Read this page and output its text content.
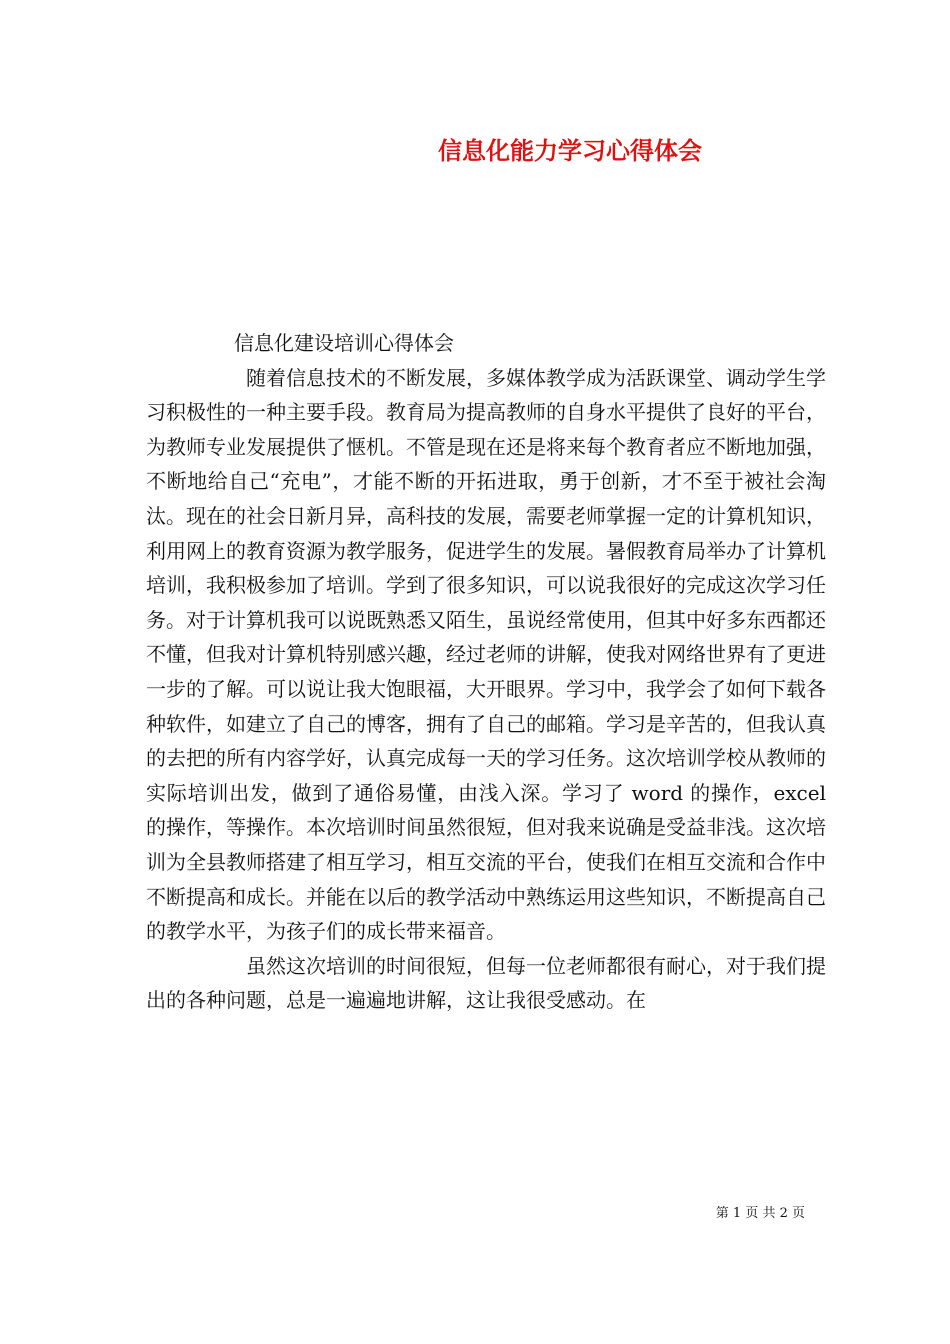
信息化能力学习心得体会

信息化建设培训心得体会

随着信息技术的不断发展，多媒体教学成为活跃课堂、调动学生学习积极性的一种主要手段。教育局为提高教师的自身水平提供了良好的平台，为教师专业发展提供了惬机。不管是现在还是将来每个教育者应不断地加强，不断地给自己“充电”，才能不断的开拓进取，勇于创新，才不至于被社会淘汰。现在的社会日新月异，高科技的发展，需要老师掌握一定的计算机知识，利用网上的教育资源为教学服务，促进学生的发展。暑假教育局举办了计算机培训，我积极参加了培训。学到了很多知识，可以说我很好的完成这次学习任务。对于计算机我可以说既熟悉又陌生，虽说经常使用，但其中好多东西都还不懂，但我对计算机特别感兴趣，经过老师的讲解，使我对网络世界有了更进一步的了解。可以说让我大饱眼福，大开眼界。学习中，我学会了如何下载各种软件，如建立了自己的博客，拥有了自己的邮箱。学习是辛苦的，但我认真的去把的所有内容学好，认真完成每一天的学习任务。这次培训学校从教师的实际培训出发，做到了通俗易懂，由浅入深。学习了 word 的操作，excel 的操作，等操作。本次培训时间虽然很短，但对我来说确是受益非浅。这次培训为全县教师搭建了相互学习，相互交流的平台，使我们在相互交流和合作中不断提高和成长。并能在以后的教学活动中熟练运用这些知识，不断提高自己的教学水平，为孩子们的成长带来福音。

虽然这次培训的时间很短，但每一位老师都很有耐心，对于我们提出的各种问题，总是一遍遍地讲解，这让我很受感动。在

第 1 页 共 2 页
